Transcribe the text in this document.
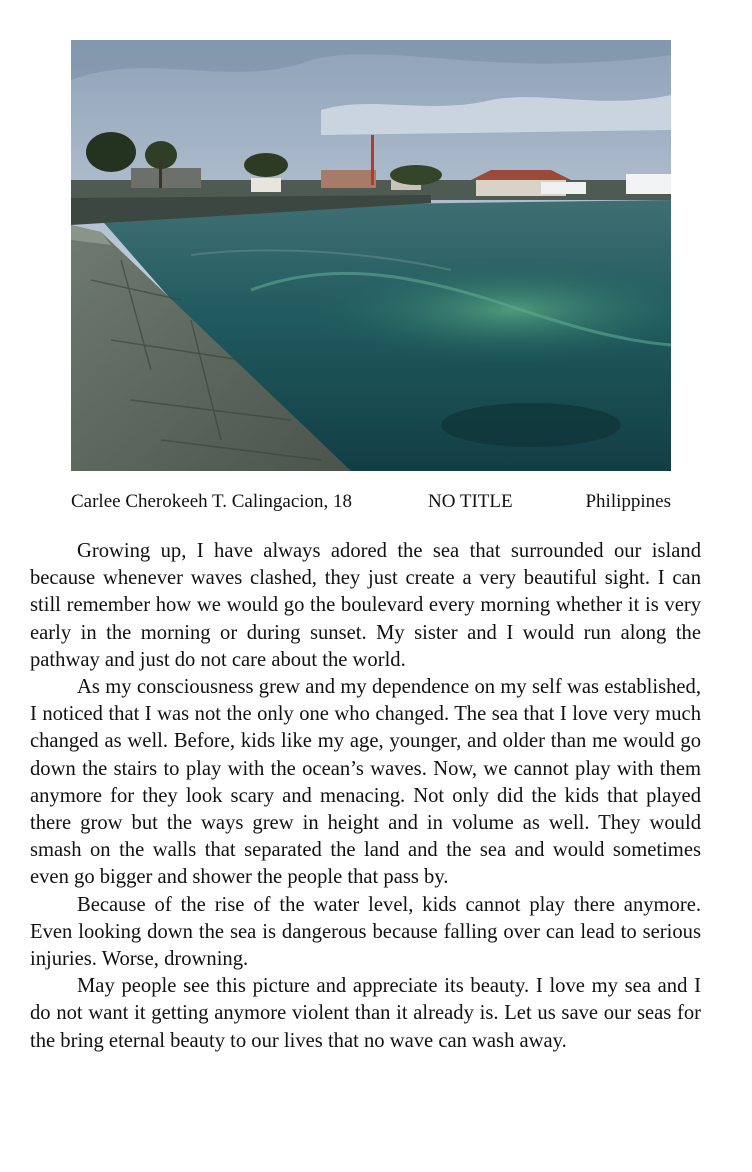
Carlee Cherokeeh T. Calingacion, 18	NO TITLE	Philippines

Growing up, I have always adored the sea that surrounded our island because whenever waves clashed, they just create a very beautiful sight. I can still remember how we would go the boulevard every morning whether it is very early in the morning or during sunset. My sister and I would run along the pathway and just do not care about the world.

As my consciousness grew and my dependence on my self was established, I noticed that I was not the only one who changed. The sea that I love very much changed as well. Before, kids like my age, younger, and older than me would go down the stairs to play with the ocean’s waves. Now, we cannot play with them anymore for they look scary and menacing. Not only did the kids that played there grow but the ways grew in height and in volume as well. They would smash on the walls that separated the land and the sea and would sometimes even go bigger and shower the people that pass by.

Because of the rise of the water level, kids cannot play there anymore. Even looking down the sea is dangerous because falling over can lead to serious injuries. Worse, drowning.

May people see this picture and appreciate its beauty. I love my sea and I do not want it getting anymore violent than it already is. Let us save our seas for the bring eternal beauty to our lives that no wave can wash away.
